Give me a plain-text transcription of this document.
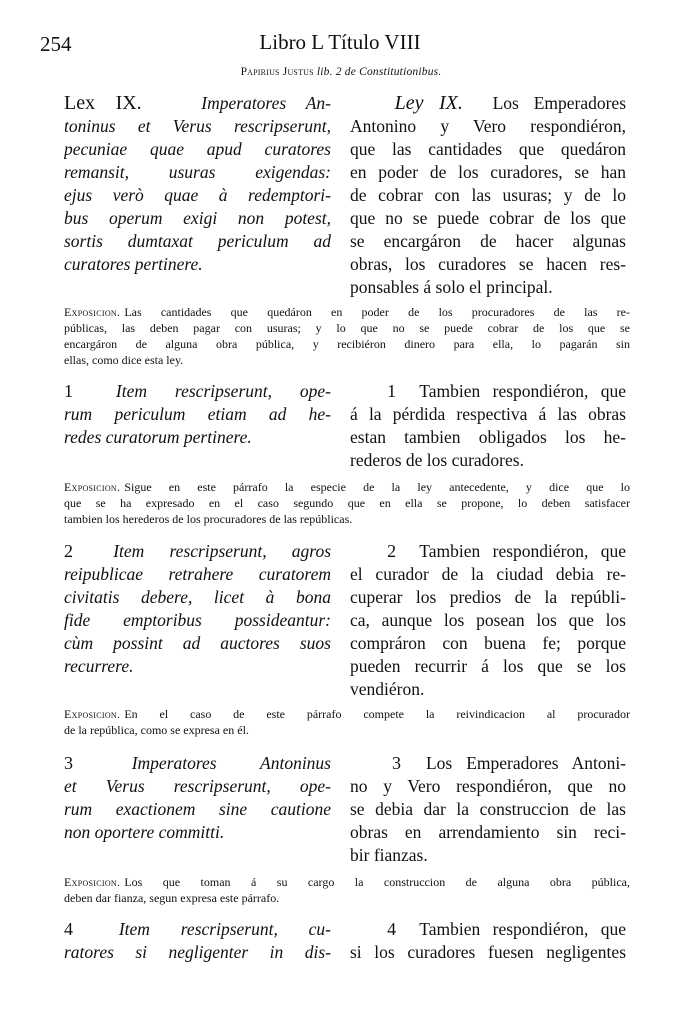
254	Libro L Título VIII
Papirius Justus lib. 2 de Constitutionibus.
Lex IX.	Imperatores An-
toninus et Verus rescripserunt,
pecuniae quae apud curatores
remansit, usuras exigendas:
ejus verò quae à redemptori-
bus operum exigi non potest,
sortis dumtaxat periculum ad
curatores pertinere.
Ley IX. Los Emperadores
Antonino y Vero respondiéron,
que las cantidades que quedáron
en poder de los curadores, se han
de cobrar con las usuras; y de lo
que no se puede cobrar de los que
se encargáron de hacer algunas
obras, los curadores se hacen res-
ponsables á solo el principal.
Exposicion. Las cantidades que quedáron en poder de los procuradores de las re-
públicas, las deben pagar con usuras; y lo que no se puede cobrar de los que se
encargáron de alguna obra pública, y recibiéron dinero para ella, lo pagarán sin
ellas, como dice esta ley.
1 Item rescripserunt, ope-
rum periculum etiam ad he-
redes curatorum pertinere.
1 Tambien respondiéron, que
á la pérdida respectiva á las obras
estan tambien obligados los he-
rederos de los curadores.
Exposicion. Sigue en este párrafo la especie de la ley antecedente, y dice que lo
que se ha expresado en el caso segundo que en ella se propone, lo deben satisfacer
tambien los herederos de los procuradores de las repúblicas.
2 Item rescripserunt, agros
reipublicae retrahere curatorem
civitatis debere, licet à bona
fide emptoribus possideantur:
cùm possint ad auctores suos
recurrere.
2 Tambien respondiéron, que
el curador de la ciudad debia re-
cuperar los predios de la repúbli-
ca, aunque los posean los que los
compráron con buena fe; porque
pueden recurrir á los que se los
vendiéron.
Exposicion. En el caso de este párrafo compete la reivindicacion al procurador
de la república, como se expresa en él.
3	Imperatores Antoninus
et Verus rescripserunt, ope-
rum exactionem sine cautione
non oportere committi.
3 Los Emperadores Antoni-
no y Vero respondiéron, que no
se debia dar la construccion de las
obras en arrendamiento sin reci-
bir fianzas.
Exposicion. Los que toman á su cargo la construccion de alguna obra pública,
deben dar fianza, segun expresa este párrafo.
4	Item rescripserunt, cu-
ratores si negligenter in dis-
4 Tambien respondiéron, que
si los curadores fuesen negligentes
